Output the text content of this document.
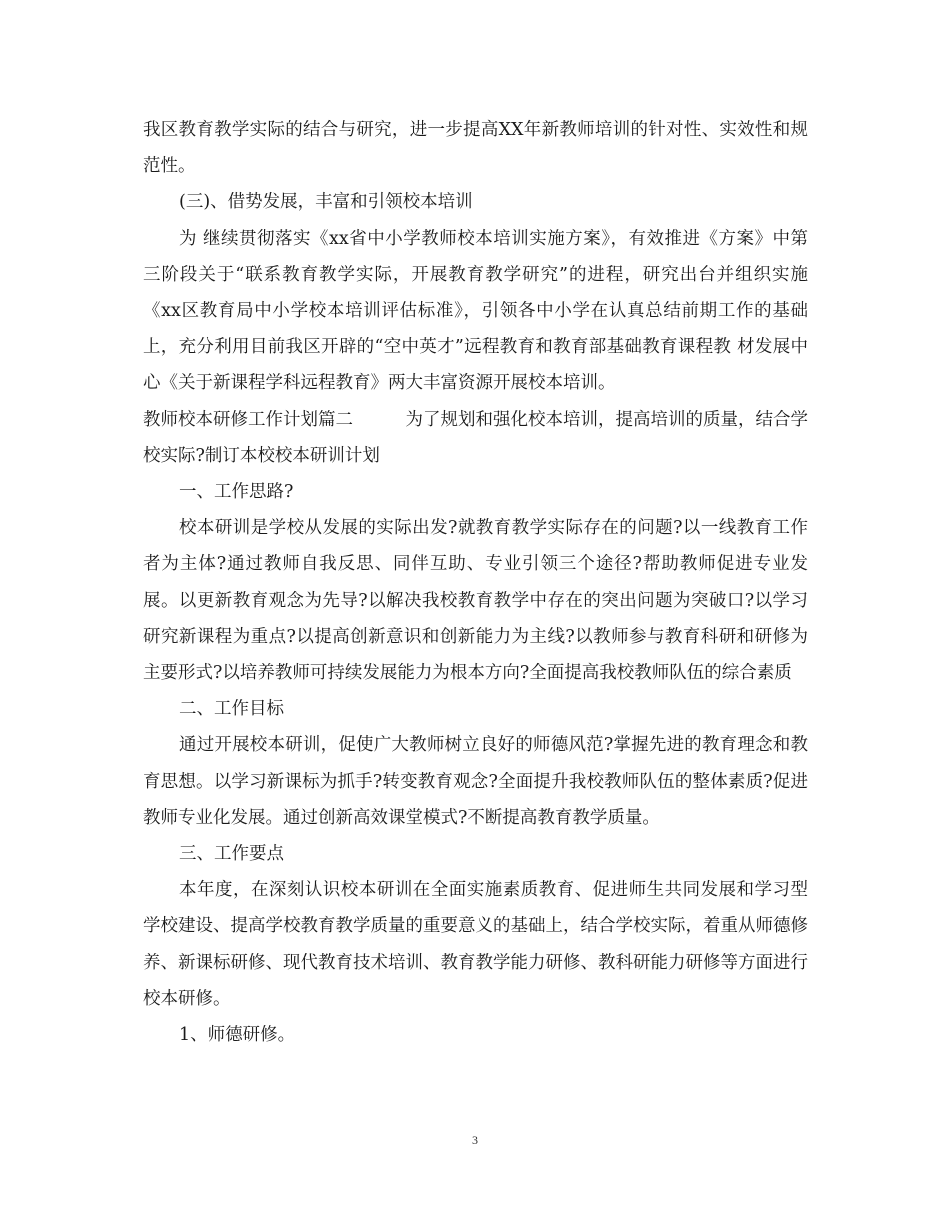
我区教育教学实际的结合与研究，进一步提高XX年新教师培训的针对性、实效性和规范性。

(三)、借势发展，丰富和引领校本培训

为 继续贯彻落实《xx省中小学教师校本培训实施方案》，有效推进《方案》中第三阶段关于“联系教育教学实际，开展教育教学研究”的进程，研究出台并组织实施 《xx区教育局中小学校本培训评估标准》，引领各中小学在认真总结前期工作的基础上，充分利用目前我区开辟的“空中英才”远程教育和教育部基础教育课程教 材发展中心《关于新课程学科远程教育》两大丰富资源开展校本培训。

教师校本研修工作计划篇二　　　为了规划和强化校本培训，提高培训的质量，结合学校实际?制订本校校本研训计划

一、工作思路?

校本研训是学校从发展的实际出发?就教育教学实际存在的问题?以一线教育工作者为主体?通过教师自我反思、同伴互助、专业引领三个途径?帮助教师促进专业发展。以更新教育观念为先导?以解决我校教育教学中存在的突出问题为突破口?以学习研究新课程为重点?以提高创新意识和创新能力为主线?以教师参与教育科研和研修为主要形式?以培养教师可持续发展能力为根本方向?全面提高我校教师队伍的综合素质

二、工作目标

通过开展校本研训，促使广大教师树立良好的师德风范?掌握先进的教育理念和教育思想。以学习新课标为抓手?转变教育观念?全面提升我校教师队伍的整体素质?促进教师专业化发展。通过创新高效课堂模式?不断提高教育教学质量。

三、工作要点

本年度，在深刻认识校本研训在全面实施素质教育、促进师生共同发展和学习型学校建设、提高学校教育教学质量的重要意义的基础上，结合学校实际，着重从师德修养、新课标研修、现代教育技术培训、教育教学能力研修、教科研能力研修等方面进行校本研修。

1、师德研修。

3
